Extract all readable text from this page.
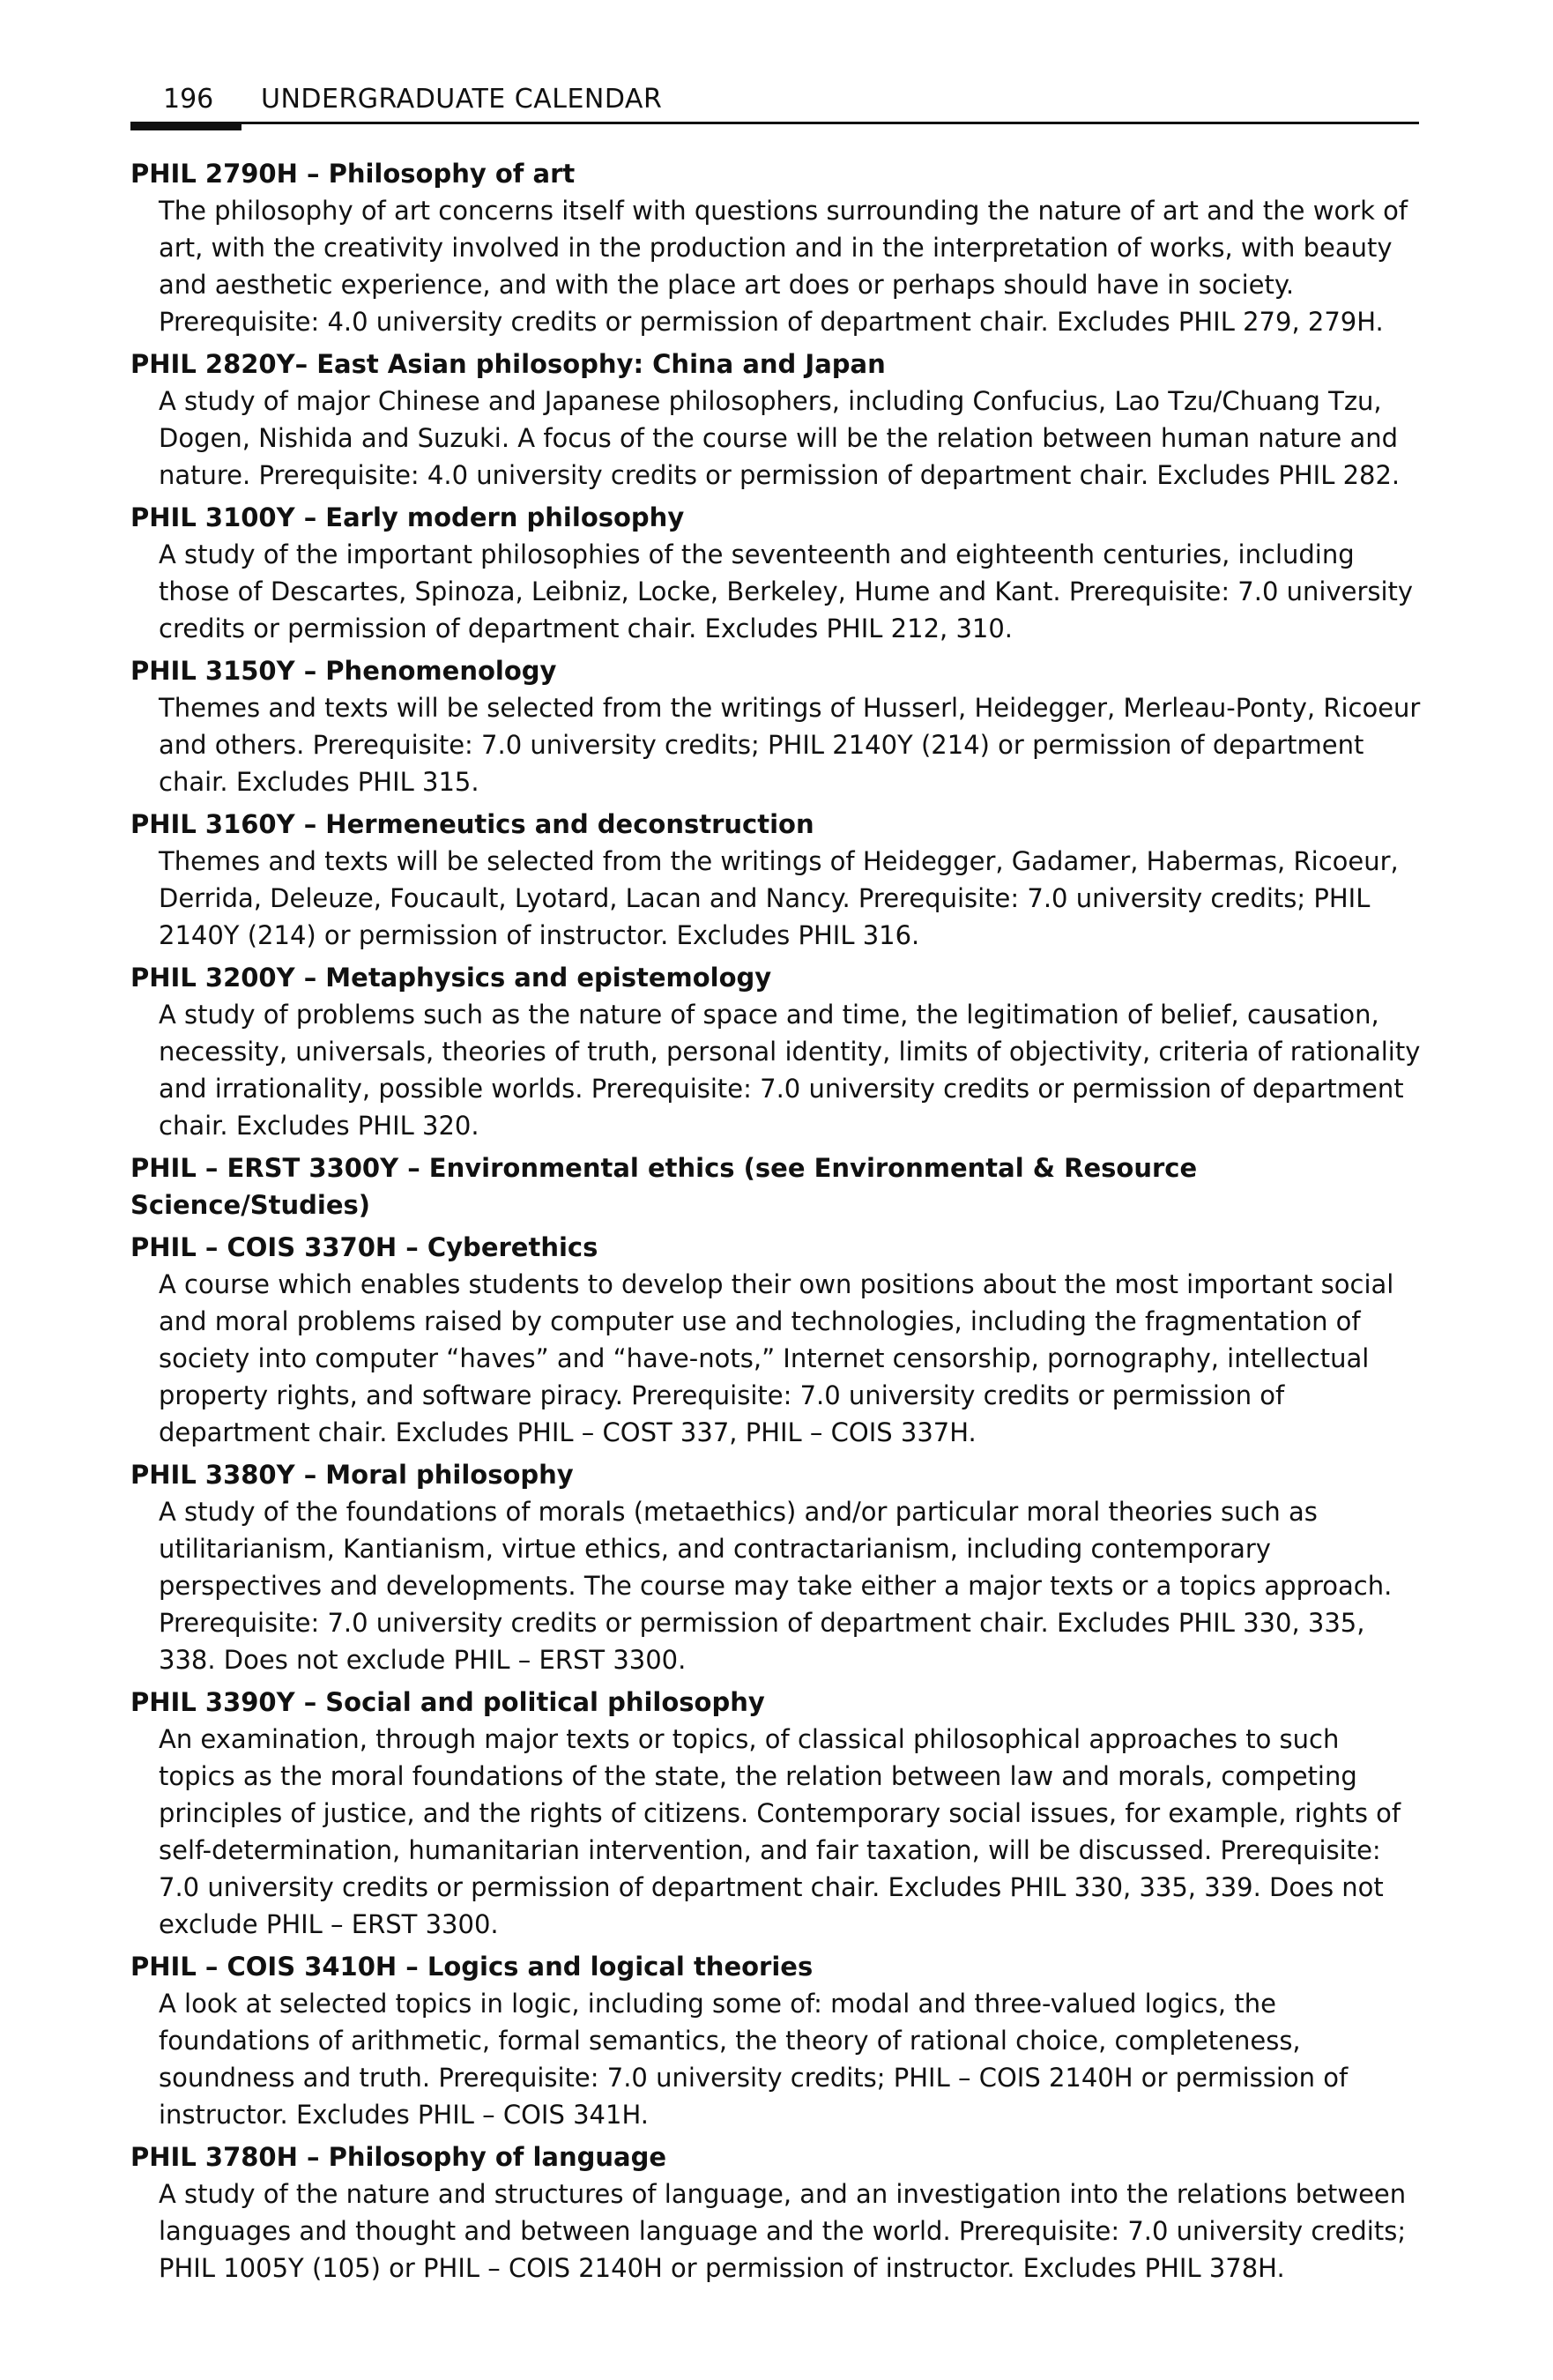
196 UNDERGRADUATE CALENDAR
PHIL 2790H – Philosophy of art
The philosophy of art concerns itself with questions surrounding the nature of art and the work of art, with the creativity involved in the production and in the interpretation of works, with beauty and aesthetic experience, and with the place art does or perhaps should have in society. Prerequisite: 4.0 university credits or permission of department chair. Excludes PHIL 279, 279H.
PHIL 2820Y– East Asian philosophy: China and Japan
A study of major Chinese and Japanese philosophers, including Confucius, Lao Tzu/Chuang Tzu, Dogen, Nishida and Suzuki. A focus of the course will be the relation between human nature and nature. Prerequisite: 4.0 university credits or permission of department chair. Excludes PHIL 282.
PHIL 3100Y – Early modern philosophy
A study of the important philosophies of the seventeenth and eighteenth centuries, including those of Descartes, Spinoza, Leibniz, Locke, Berkeley, Hume and Kant. Prerequisite: 7.0 university credits or permission of department chair. Excludes PHIL 212, 310.
PHIL 3150Y – Phenomenology
Themes and texts will be selected from the writings of Husserl, Heidegger, Merleau-Ponty, Ricoeur and others. Prerequisite: 7.0 university credits; PHIL 2140Y (214) or permission of department chair. Excludes PHIL 315.
PHIL 3160Y – Hermeneutics and deconstruction
Themes and texts will be selected from the writings of Heidegger, Gadamer, Habermas, Ricoeur, Derrida, Deleuze, Foucault, Lyotard, Lacan and Nancy. Prerequisite: 7.0 university credits; PHIL 2140Y (214) or permission of instructor. Excludes PHIL 316.
PHIL 3200Y – Metaphysics and epistemology
A study of problems such as the nature of space and time, the legitimation of belief, causation, necessity, universals, theories of truth, personal identity, limits of objectivity, criteria of rationality and irrationality, possible worlds. Prerequisite: 7.0 university credits or permission of department chair. Excludes PHIL 320.
PHIL – ERST 3300Y – Environmental ethics (see Environmental & Resource Science/Studies)
PHIL – COIS 3370H – Cyberethics
A course which enables students to develop their own positions about the most important social and moral problems raised by computer use and technologies, including the fragmentation of society into computer “haves” and “have-nots,” Internet censorship, pornography, intellectual property rights, and software piracy. Prerequisite: 7.0 university credits or permission of department chair. Excludes PHIL – COST 337, PHIL – COIS 337H.
PHIL 3380Y – Moral philosophy
A study of the foundations of morals (metaethics) and/or particular moral theories such as utilitarianism, Kantianism, virtue ethics, and contractarianism, including contemporary perspectives and developments. The course may take either a major texts or a topics approach. Prerequisite: 7.0 university credits or permission of department chair. Excludes PHIL 330, 335, 338. Does not exclude PHIL – ERST 3300.
PHIL 3390Y – Social and political philosophy
An examination, through major texts or topics, of classical philosophical approaches to such topics as the moral foundations of the state, the relation between law and morals, competing principles of justice, and the rights of citizens. Contemporary social issues, for example, rights of self-determination, humanitarian intervention, and fair taxation, will be discussed. Prerequisite: 7.0 university credits or permission of department chair. Excludes PHIL 330, 335, 339. Does not exclude PHIL – ERST 3300.
PHIL – COIS 3410H – Logics and logical theories
A look at selected topics in logic, including some of: modal and three-valued logics, the foundations of arithmetic, formal semantics, the theory of rational choice, completeness, soundness and truth. Prerequisite: 7.0 university credits; PHIL – COIS 2140H or permission of instructor. Excludes PHIL – COIS 341H.
PHIL 3780H – Philosophy of language
A study of the nature and structures of language, and an investigation into the relations between languages and thought and between language and the world. Prerequisite: 7.0 university credits; PHIL 1005Y (105) or PHIL – COIS 2140H or permission of instructor. Excludes PHIL 378H.
